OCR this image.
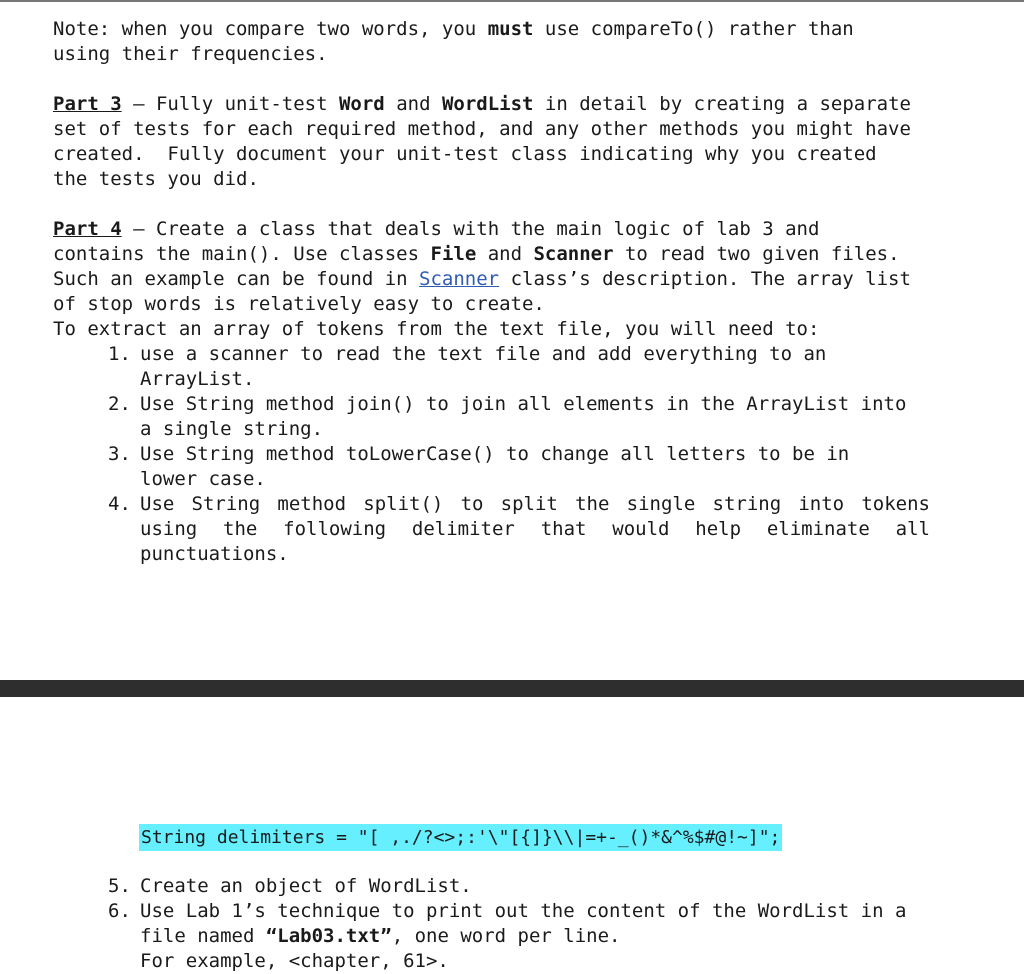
Note: when you compare two words, you must use compareTo() rather than
using their frequencies.
Part 3 – Fully unit-test Word and WordList in detail by creating a separate
set of tests for each required method, and any other methods you might have
created.  Fully document your unit-test class indicating why you created
the tests you did.
Part 4 – Create a class that deals with the main logic of lab 3 and
contains the main(). Use classes File and Scanner to read two given files.
Such an example can be found in Scanner class’s description. The array list
of stop words is relatively easy to create.
To extract an array of tokens from the text file, you will need to:
1. use a scanner to read the text file and add everything to an
ArrayList.
2. Use String method join() to join all elements in the ArrayList into
a single string.
3. Use String method toLowerCase() to change all letters to be in
lower case.
4. Use String method split() to split the single string into tokens
using the following delimiter that would help eliminate all
punctuations.
String delimiters = "[ ,./?<>;:'\"[{]}\\|=+-_()*&^%$#@!~]";
5. Create an object of WordList.
6. Use Lab 1’s technique to print out the content of the WordList in a
file named “Lab03.txt”, one word per line.
For example, <chapter, 61>.
